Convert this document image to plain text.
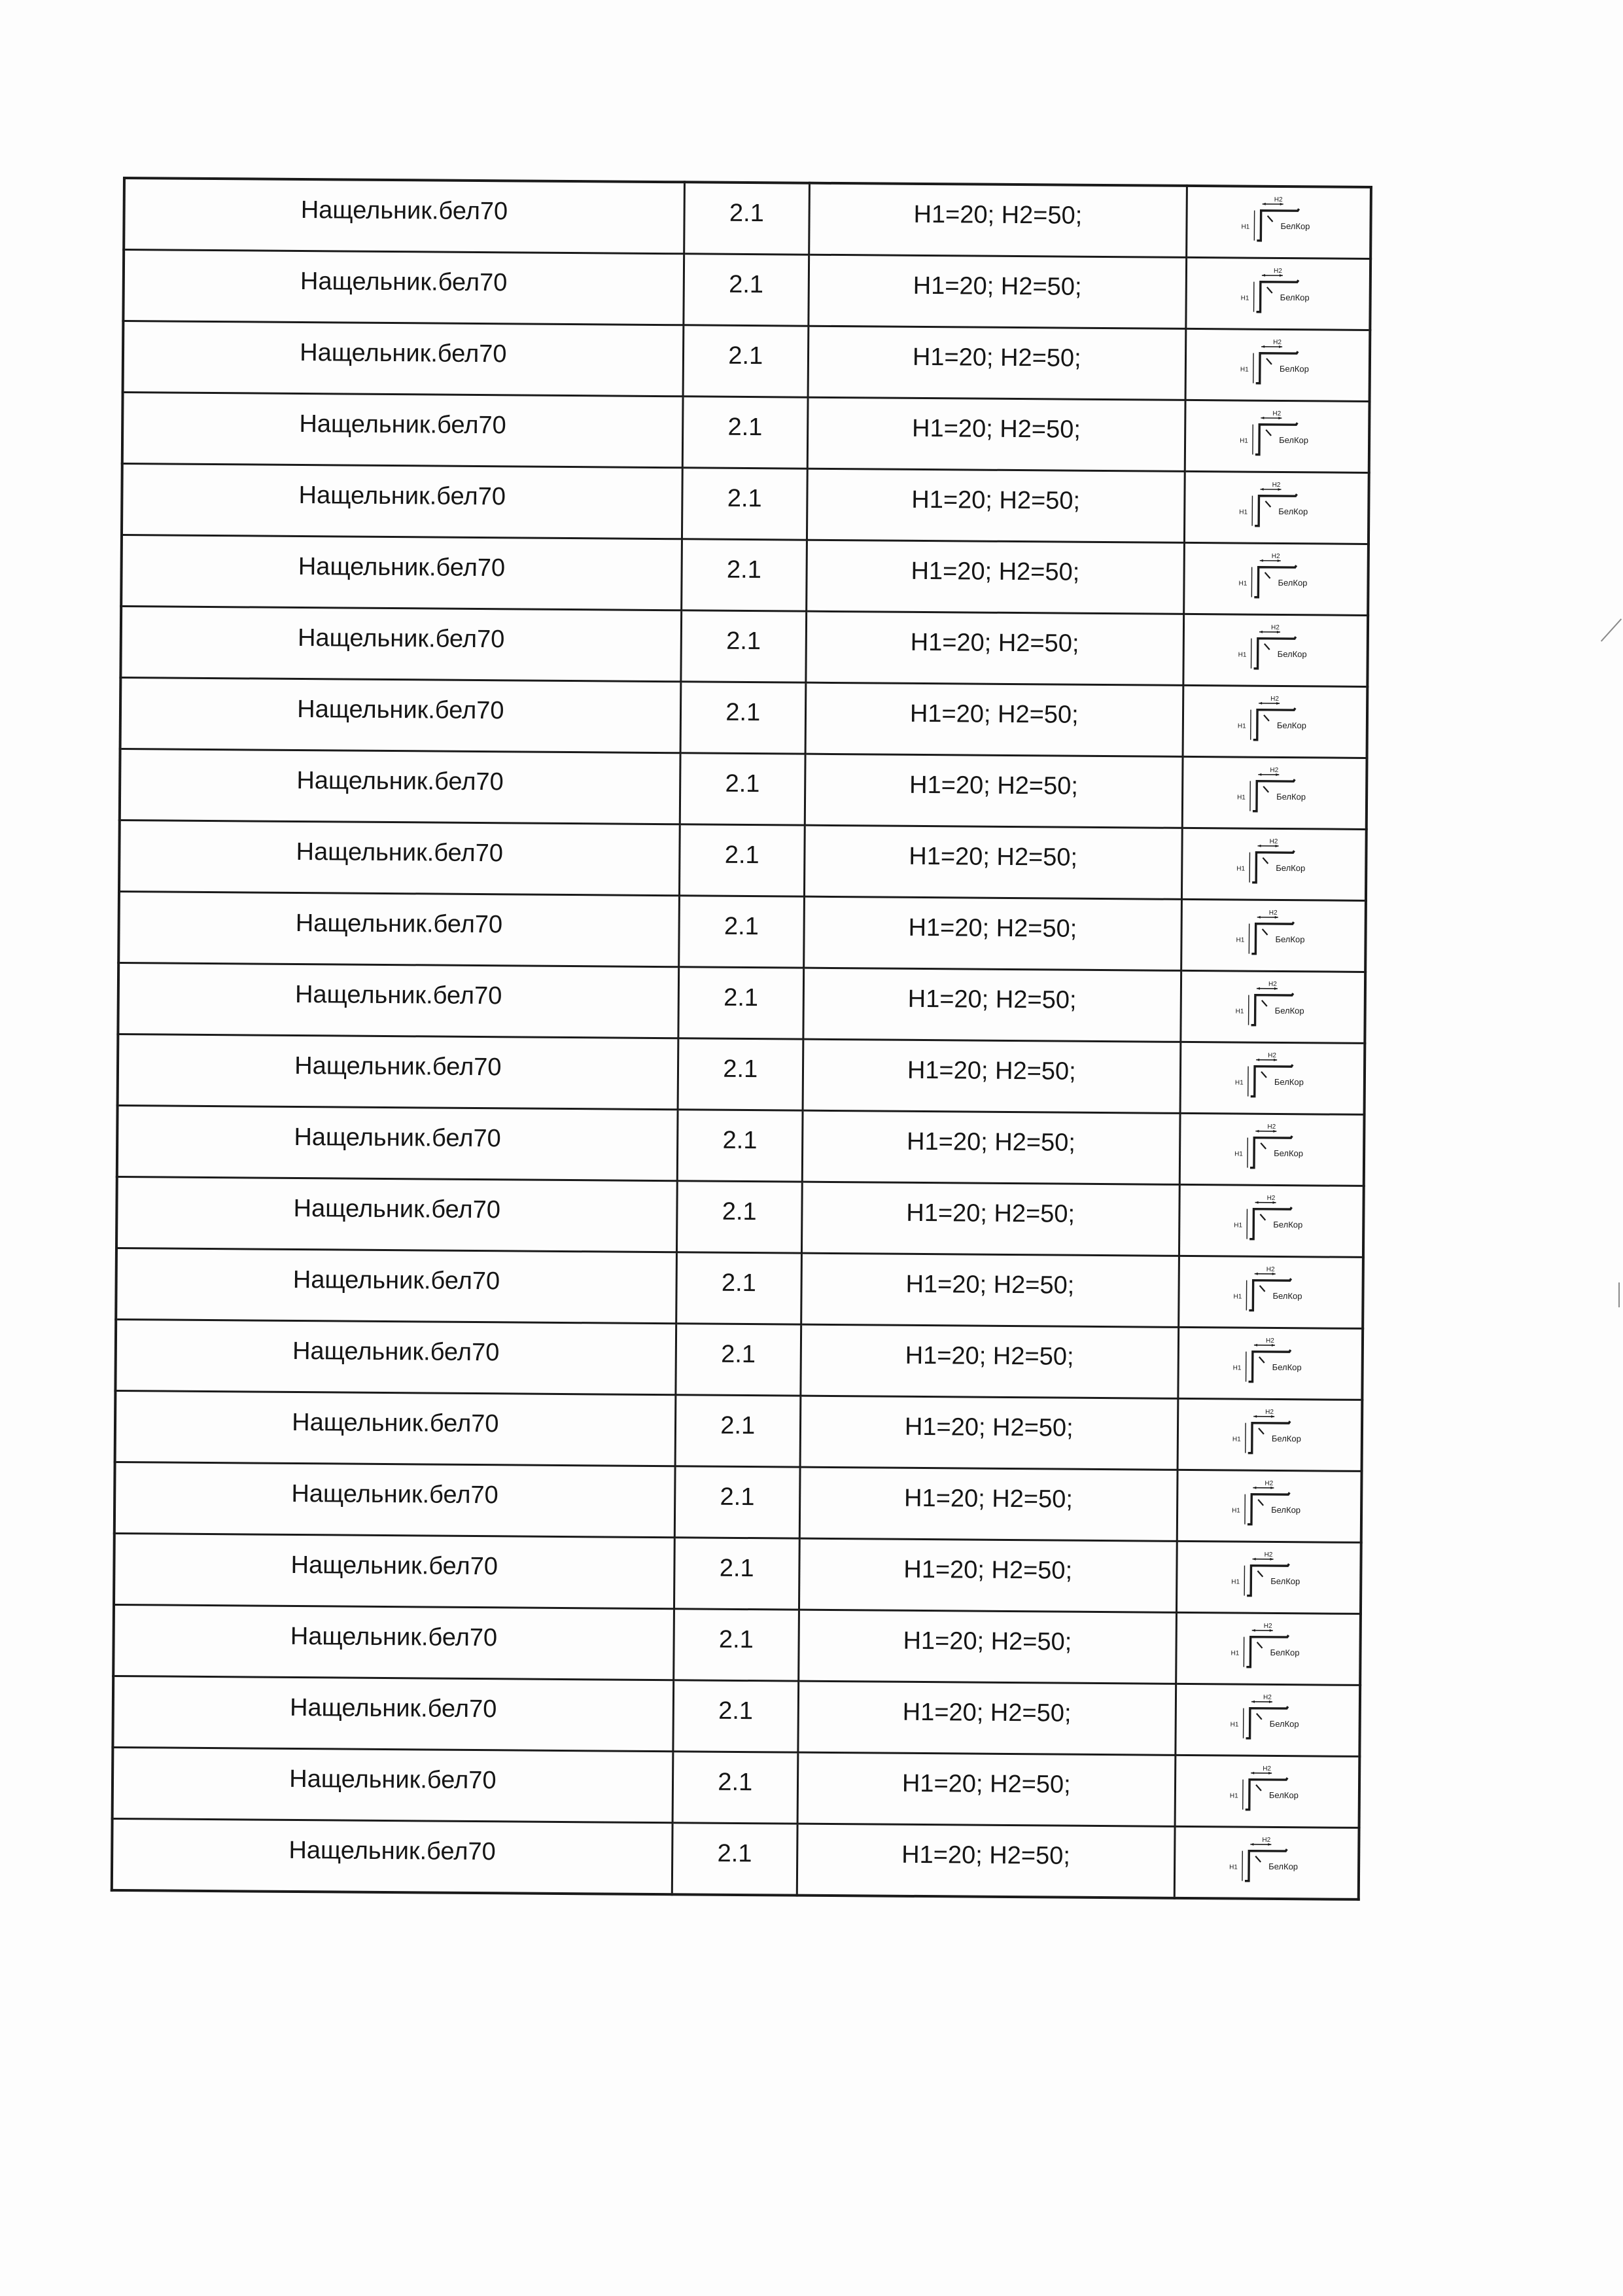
Нащельник.бел70	2.1	H1=20; H2=50;	H2
H1 БелКор

Нащельник.бел70	2.1	H1=20; H2=50;	H2
H1 БелКор

Нащельник.бел70	2.1	H1=20; H2=50;	H2
H1 БелКор

Нащельник.бел70	2.1	H1=20; H2=50;	H2
H1 БелКор

Нащельник.бел70	2.1	H1=20; H2=50;	H2
H1 БелКор

Нащельник.бел70	2.1	H1=20; H2=50;	H2
H1 БелКор

Нащельник.бел70	2.1	H1=20; H2=50;	H2
H1 БелКор

Нащельник.бел70	2.1	H1=20; H2=50;	H2
H1 БелКор

Нащельник.бел70	2.1	H1=20; H2=50;	H2
H1 БелКор

Нащельник.бел70	2.1	H1=20; H2=50;	H2
H1 БелКор

Нащельник.бел70	2.1	H1=20; H2=50;	H2
H1 БелКор

Нащельник.бел70	2.1	H1=20; H2=50;	H2
H1 БелКор

Нащельник.бел70	2.1	H1=20; H2=50;	H2
H1 БелКор

Нащельник.бел70	2.1	H1=20; H2=50;	H2
H1 БелКор

Нащельник.бел70	2.1	H1=20; H2=50;	H2
H1 БелКор

Нащельник.бел70	2.1	H1=20; H2=50;	H2
H1 БелКор

Нащельник.бел70	2.1	H1=20; H2=50;	H2
H1 БелКор

Нащельник.бел70	2.1	H1=20; H2=50;	H2
H1 БелКор

Нащельник.бел70	2.1	H1=20; H2=50;	H2
H1 БелКор

Нащельник.бел70	2.1	H1=20; H2=50;	H2
H1 БелКор

Нащельник.бел70	2.1	H1=20; H2=50;	H2
H1 БелКор

Нащельник.бел70	2.1	H1=20; H2=50;	H2
H1 БелКор

Нащельник.бел70	2.1	H1=20; H2=50;	H2
H1 БелКор

Нащельник.бел70	2.1	H1=20; H2=50;	H2
H1 БелКор
